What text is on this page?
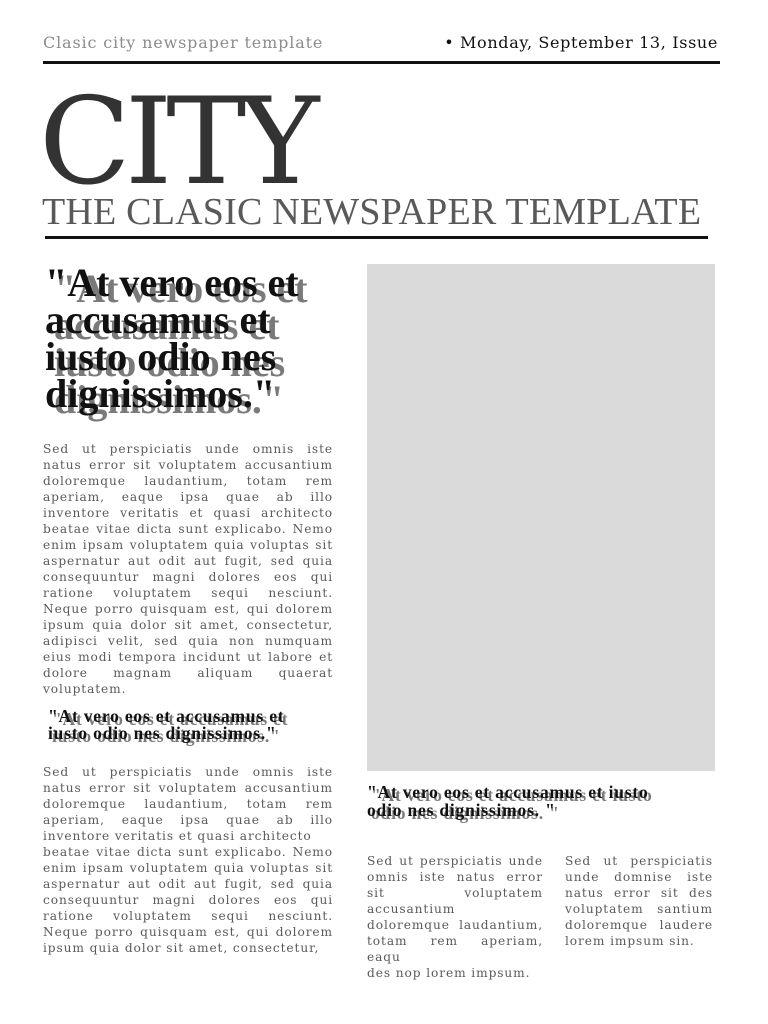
Clasic city newspaper template	• Monday, September 13, Issue
CITY
THE CLASIC NEWSPAPER TEMPLATE
"At vero eos et accusamus et iusto odio nes dignissimos."

Sed ut perspiciatis unde omnis iste natus error sit voluptatem accusantium doloremque laudantium, totam rem aperiam, eaque ipsa quae ab illo inventore veritatis et quasi architecto beatae vitae dicta sunt explicabo. Nemo enim ipsam voluptatem quia voluptas sit aspernatur aut odit aut fugit, sed quia consequuntur magni dolores eos qui ratione voluptatem sequi nesciunt. Neque porro quisquam est, qui dolorem ipsum quia dolor sit amet, consectetur, adipisci velit, sed quia non numquam eius modi tempora incidunt ut labore et dolore magnam aliquam quaerat voluptatem.

"At vero eos et accusamus et iusto odio nes dignissimos."

Sed ut perspiciatis unde omnis iste natus error sit voluptatem accusantium doloremque laudantium, totam rem aperiam, eaque ipsa quae ab illo inventore veritatis et quasi architecto
beatae vitae dicta sunt explicabo. Nemo enim ipsam voluptatem quia voluptas sit aspernatur aut odit aut fugit, sed quia consequuntur magni dolores eos qui ratione voluptatem sequi nesciunt. Neque porro quisquam est, qui dolorem ipsum quia dolor sit amet, consectetur,

"At vero eos et accusamus et iusto odio nes dignissimos. "

Sed ut perspiciatis unde omnis iste natus error sit voluptatem accusantium
doloremque laudantium, totam rem aperiam, eaqu
des nop lorem impsum.

Sed ut perspiciatis unde domnise iste natus error sit des voluptatem santium doloremque laudere lorem impsum sin.
